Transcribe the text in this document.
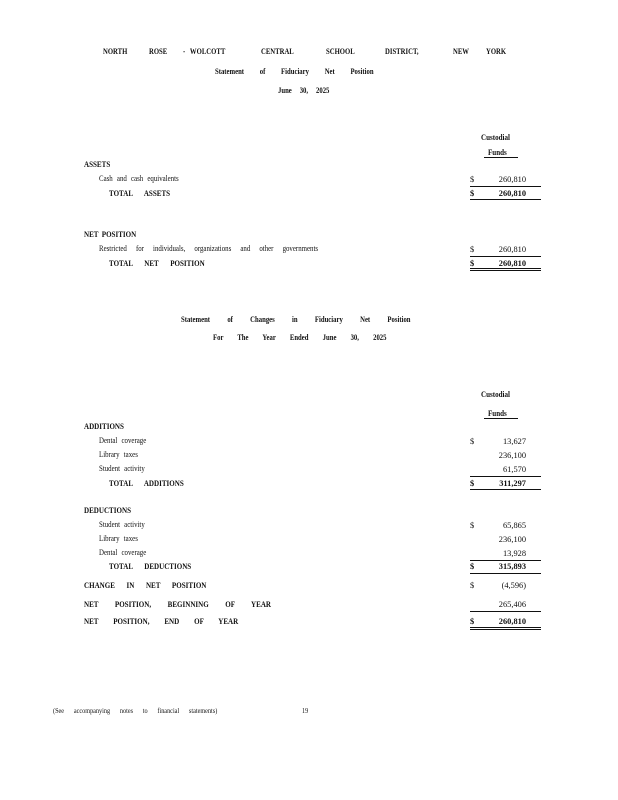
NORTH	ROSE - WOLCOTT	CENTRAL	SCHOOL	DISTRICT,	NEW YORK
Statement of Fiduciary Net Position
June 30, 2025
Custodial
Funds
ASSETS
Cash and cash equivalents	$	260,810
TOTAL ASSETS	$	260,810
NET POSITION
Restricted for individuals, organizations and other governments	$	260,810
TOTAL NET POSITION	$	260,810
Statement of Changes in Fiduciary Net Position
For The Year Ended June 30, 2025
Custodial
Funds
ADDITIONS
Dental coverage	$	13,627
Library taxes	236,100
Student activity	61,570
TOTAL ADDITIONS	$	311,297
DEDUCTIONS
Student activity	$	65,865
Library taxes	236,100
Dental coverage	13,928
TOTAL DEDUCTIONS	$	315,893
CHANGE IN NET POSITION	$	(4,596)
NET POSITION, BEGINNING OF YEAR	265,406
NET POSITION, END OF YEAR	$	260,810
(See accompanying notes to financial statements)	19
